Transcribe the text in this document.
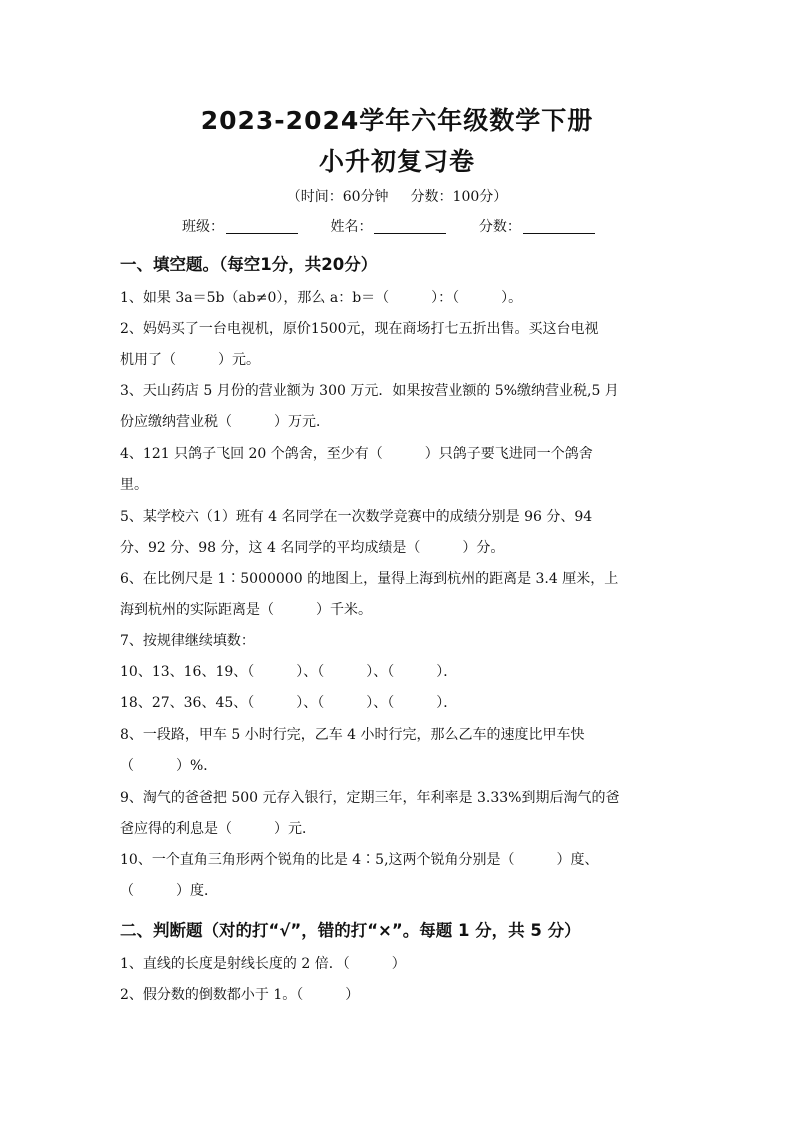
2023-2024学年六年级数学下册
小升初复习卷
（时间：60分钟 分数：100分）
班级：	姓名：	分数：
一、填空题。（每空1分，共20分）
1、如果 3a＝5b（ab≠0），那么 a：b＝（　　　）：（　　　）。
2、妈妈买了一台电视机，原价1500元，现在商场打七五折出售。买这台电视
机用了（　　　）元。
3、天山药店 5 月份的营业额为 300 万元．如果按营业额的 5%缴纳营业税,5 月
份应缴纳营业税（　　　）万元．
4、121 只鸽子飞回 20 个鸽舍，至少有（　　　）只鸽子要飞进同一个鸽舍
里。
5、某学校六（1）班有 4 名同学在一次数学竞赛中的成绩分别是 96 分、94
分、92 分、98 分，这 4 名同学的平均成绩是（　　　）分。
6、在比例尺是 1∶5000000 的地图上，量得上海到杭州的距离是 3.4 厘米，上
海到杭州的实际距离是（　　　）千米。
7、按规律继续填数：
10、13、16、19、（　　　）、（　　　）、（　　　）．
18、27、36、45、（　　　）、（　　　）、（　　　）．
8、一段路，甲车 5 小时行完，乙车 4 小时行完，那么乙车的速度比甲车快
（　　　）%．
9、淘气的爸爸把 500 元存入银行，定期三年，年利率是 3.33%到期后淘气的爸
爸应得的利息是（　　　）元．
10、一个直角三角形两个锐角的比是 4∶5,这两个锐角分别是（　　　）度、
（　　　）度．
二、判断题（对的打“√”，错的打“×”。每题 1 分，共 5 分）
1、直线的长度是射线长度的 2 倍．（　　　）
2、假分数的倒数都小于 1。（　　　）
